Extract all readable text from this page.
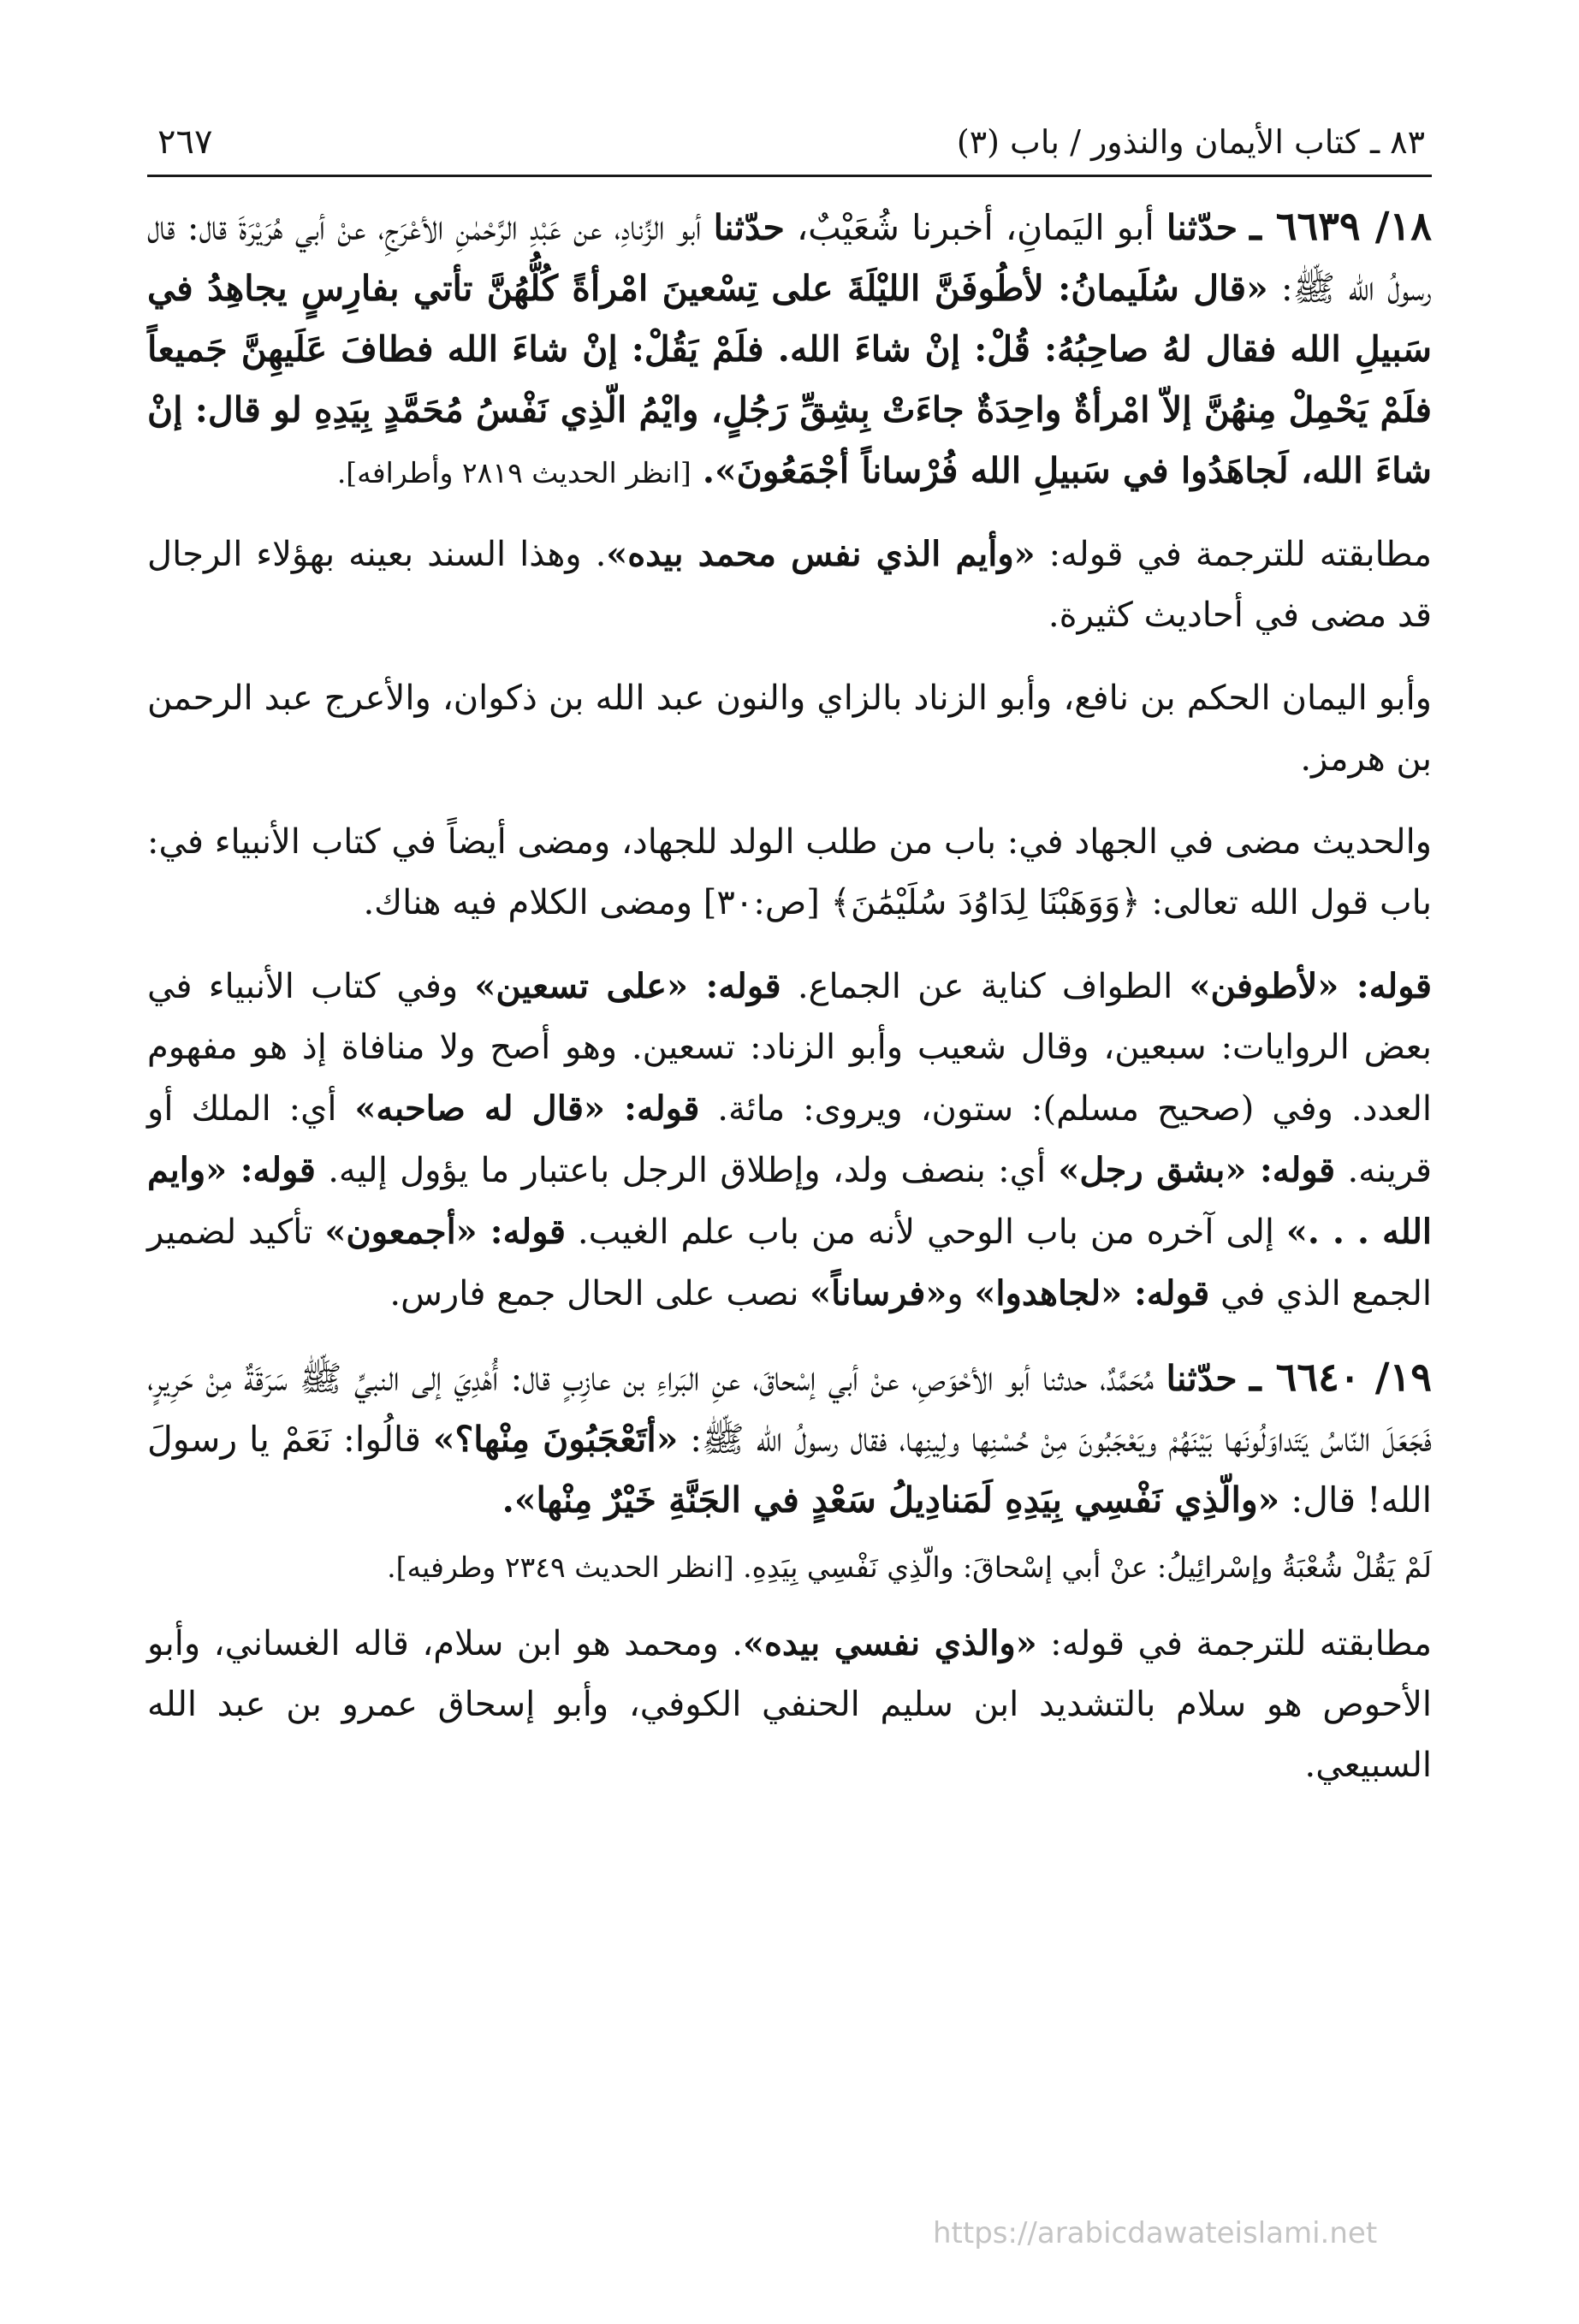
٨٣ ـ كتاب الأيمان والنذور / باب (٣)
٢٦٧

١٨/ ٦٦٣٩ ـ حدّثنا أبو اليَمانِ، أخبرنا شُعَيْبٌ، حدّثنا أبو الزِّنادِ، عن عَبْدِ الرَّحْمٰنِ الأعْرَجِ، عنْ أبي هُرَيْرَةَ قال: قال رسولُ الله ﷺ: «قال سُلَيمانُ: لأطُوفَنَّ الليْلَةَ على تِسْعينَ امْرأةً كُلُّهُنَّ تأتي بفارِسٍ يجاهِدُ في سَبيلِ الله فقال لهُ صاحِبُهُ: قُلْ: إنْ شاءَ الله. فلَمْ يَقُلْ: إنْ شاءَ الله فطافَ عَلَيهِنَّ جَميعاً فلَمْ يَحْمِلْ مِنهُنَّ إلاّ امْرأةٌ واحِدَةٌ جاءَتْ بِشِقِّ رَجُلٍ، وايْمُ الّذِي نَفْسُ مُحَمَّدٍ بِيَدِهِ لو قال: إنْ شاءَ الله، لَجاهَدُوا في سَبيلِ الله فُرْساناً أجْمَعُونَ». [انظر الحديث ٢٨١٩ وأطرافه].

مطابقته للترجمة في قوله: «وأيم الذي نفس محمد بيده». وهذا السند بعينه بهؤلاء الرجال قد مضى في أحاديث كثيرة.

وأبو اليمان الحكم بن نافع، وأبو الزناد بالزاي والنون عبد الله بن ذكوان، والأعرج عبد الرحمن بن هرمز.

والحديث مضى في الجهاد في: باب من طلب الولد للجهاد، ومضى أيضاً في كتاب الأنبياء في: باب قول الله تعالى: ﴿وَوَهَبْنَا لِدَاوُدَ سُلَيْمَٰنَ﴾ [ص:٣٠] ومضى الكلام فيه هناك.

قوله: «لأطوفن» الطواف كناية عن الجماع. قوله: «على تسعين» وفي كتاب الأنبياء في بعض الروايات: سبعين، وقال شعيب وأبو الزناد: تسعين. وهو أصح ولا منافاة إذ هو مفهوم العدد. وفي (صحيح مسلم): ستون، ويروى: مائة. قوله: «قال له صاحبه» أي: الملك أو قرينه. قوله: «بشق رجل» أي: بنصف ولد، وإطلاق الرجل باعتبار ما يؤول إليه. قوله: «وايم الله . . .» إلى آخره من باب الوحي لأنه من باب علم الغيب. قوله: «أجمعون» تأكيد لضمير الجمع الذي في قوله: «لجاهدوا» و«فرساناً» نصب على الحال جمع فارس.

١٩/ ٦٦٤٠ ـ حدّثنا مُحَمَّدٌ، حدثنا أبو الأحْوَصِ، عنْ أبي إسْحاقَ، عنِ البَراءِ بن عازِبٍ قال: أُهْدِيَ إلى النبيِّ ﷺ سَرَقَةٌ مِنْ حَرِيرٍ، فَجَعَلَ النّاسُ يَتَداوَلُونَها بَيْنَهُمْ ويَعْجَبُونَ مِنْ حُسْنِها ولِينِها، فقال رسولُ الله ﷺ: «أتَعْجَبُونَ مِنْها؟» قالُوا: نَعَمْ يا رسولَ الله! قال: «والّذِي نَفْسِي بِيَدِهِ لَمَنادِيلُ سَعْدٍ في الجَنَّةِ خَيْرٌ مِنْها».

لَمْ يَقُلْ شُعْبَةُ وإسْرائِيلُ: عنْ أبي إسْحاقَ: والّذِي نَفْسِي بِيَدِهِ. [انظر الحديث ٢٣٤٩ وطرفيه].

مطابقته للترجمة في قوله: «والذي نفسي بيده». ومحمد هو ابن سلام، قاله الغساني، وأبو الأحوص هو سلام بالتشديد ابن سليم الحنفي الكوفي، وأبو إسحاق عمرو بن عبد الله السبيعي.

https://arabicdawateislami.net
